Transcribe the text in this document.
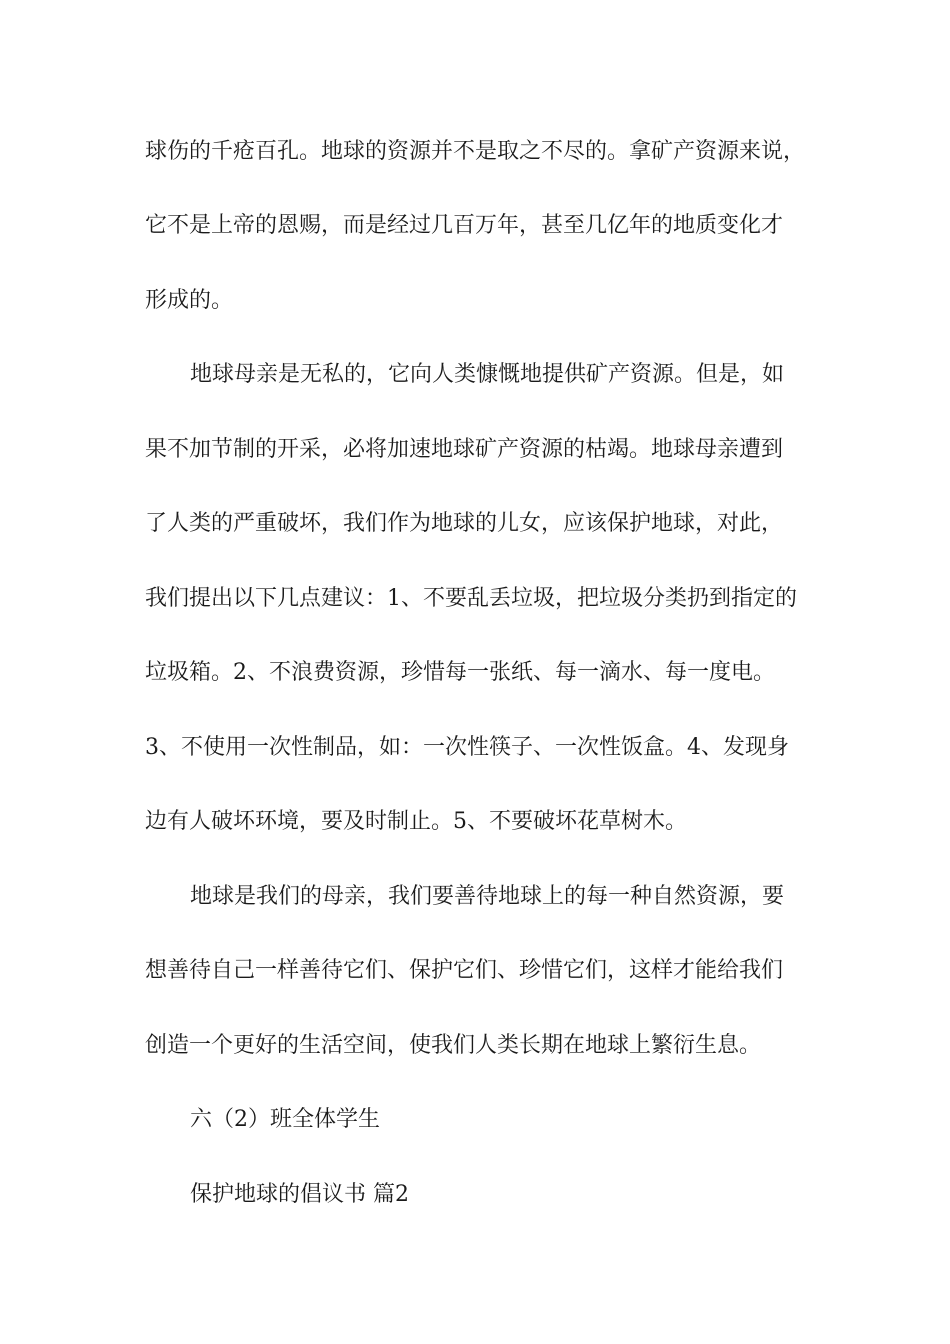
球伤的千疮百孔。地球的资源并不是取之不尽的。拿矿产资源来说，

它不是上帝的恩赐，而是经过几百万年，甚至几亿年的地质变化才

形成的。

地球母亲是无私的，它向人类慷慨地提供矿产资源。但是，如

果不加节制的开采，必将加速地球矿产资源的枯竭。地球母亲遭到

了人类的严重破坏，我们作为地球的儿女，应该保护地球，对此，

我们提出以下几点建议：1、不要乱丢垃圾，把垃圾分类扔到指定的

垃圾箱。2、不浪费资源，珍惜每一张纸、每一滴水、每一度电。

3、不使用一次性制品，如：一次性筷子、一次性饭盒。4、发现身

边有人破坏环境，要及时制止。5、不要破坏花草树木。

地球是我们的母亲，我们要善待地球上的每一种自然资源，要

想善待自己一样善待它们、保护它们、珍惜它们，这样才能给我们

创造一个更好的生活空间，使我们人类长期在地球上繁衍生息。

六（2）班全体学生

保护地球的倡议书 篇2
